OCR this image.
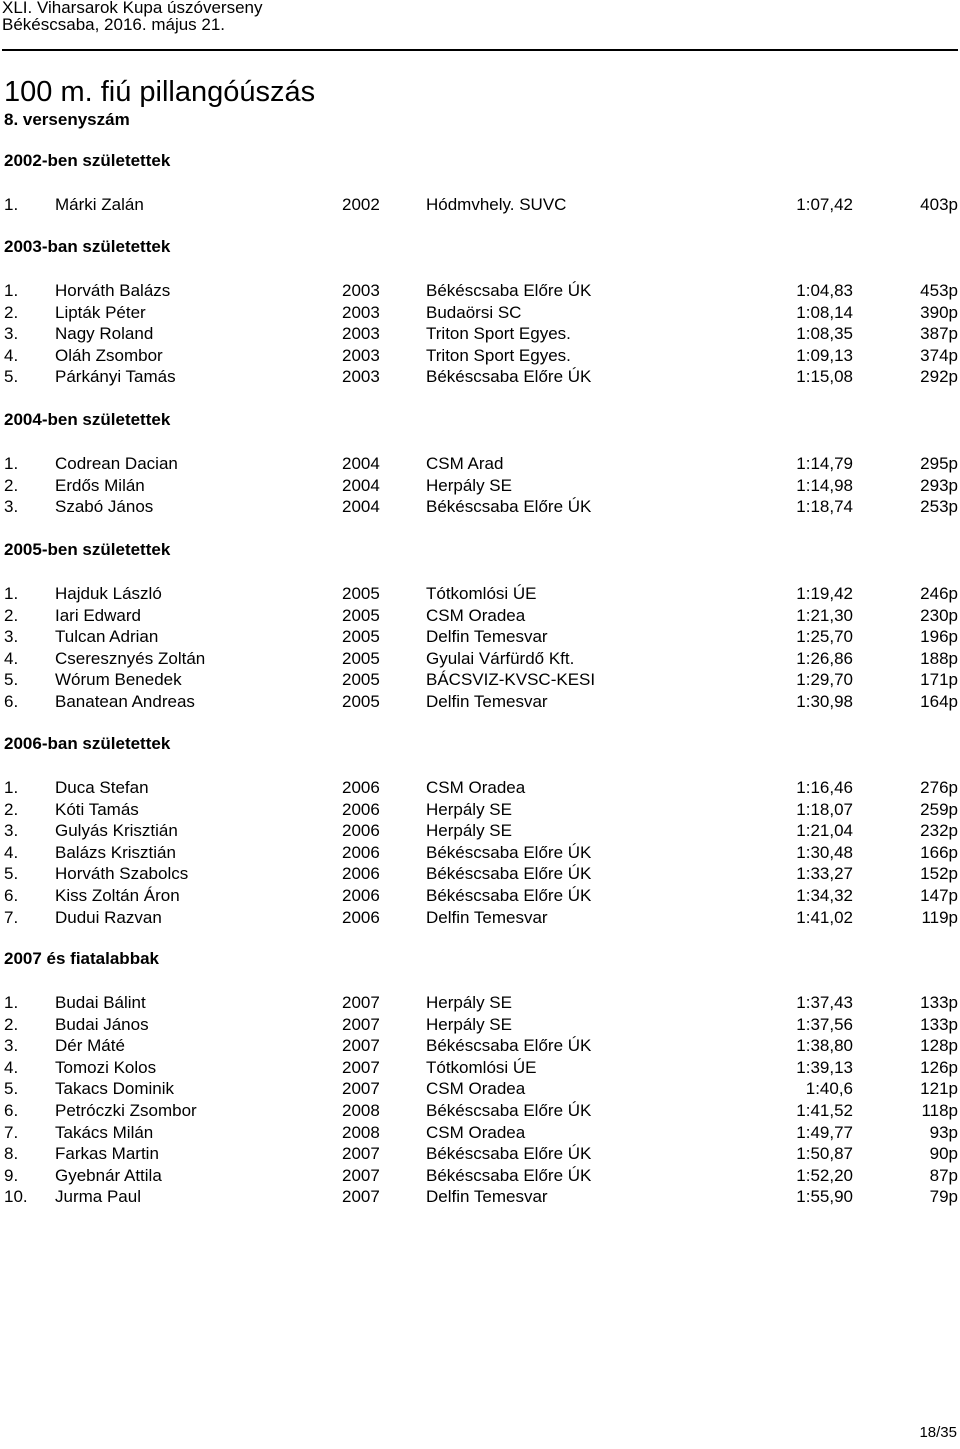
XLI. Viharsarok Kupa úszóverseny
Békéscsaba, 2016. május 21.
100 m. fiú pillangóúszás
8. versenyszám
2002-ben születettek
1. Márki Zalán	2002	Hódmvhely. SUVC	1:07,42	403p
2003-ban születettek
1. Horváth Balázs	2003	Békéscsaba Előre ÚK	1:04,83	453p
2. Lipták Péter	2003	Budaörsi SC	1:08,14	390p
3. Nagy Roland	2003	Triton Sport Egyes.	1:08,35	387p
4. Oláh Zsombor	2003	Triton Sport Egyes.	1:09,13	374p
5. Párkányi Tamás	2003	Békéscsaba Előre ÚK	1:15,08	292p
2004-ben születettek
1. Codrean Dacian	2004	CSM Arad	1:14,79	295p
2. Erdős Milán	2004	Herpály SE	1:14,98	293p
3. Szabó János	2004	Békéscsaba Előre ÚK	1:18,74	253p
2005-ben születettek
1. Hajduk László	2005	Tótkomlósi ÚE	1:19,42	246p
2. Iari Edward	2005	CSM Oradea	1:21,30	230p
3. Tulcan Adrian	2005	Delfin Temesvar	1:25,70	196p
4. Cseresznyés Zoltán	2005	Gyulai Várfürdő Kft.	1:26,86	188p
5. Wórum Benedek	2005	BÁCSVIZ-KVSC-KESI	1:29,70	171p
6. Banatean Andreas	2005	Delfin Temesvar	1:30,98	164p
2006-ban születettek
1. Duca Stefan	2006	CSM Oradea	1:16,46	276p
2. Kóti Tamás	2006	Herpály SE	1:18,07	259p
3. Gulyás Krisztián	2006	Herpály SE	1:21,04	232p
4. Balázs Krisztián	2006	Békéscsaba Előre ÚK	1:30,48	166p
5. Horváth Szabolcs	2006	Békéscsaba Előre ÚK	1:33,27	152p
6. Kiss Zoltán Áron	2006	Békéscsaba Előre ÚK	1:34,32	147p
7. Dudui Razvan	2006	Delfin Temesvar	1:41,02	119p
2007 és fiatalabbak
1. Budai Bálint	2007	Herpály SE	1:37,43	133p
2. Budai János	2007	Herpály SE	1:37,56	133p
3. Dér Máté	2007	Békéscsaba Előre ÚK	1:38,80	128p
4. Tomozi Kolos	2007	Tótkomlósi ÚE	1:39,13	126p
5. Takacs Dominik	2007	CSM Oradea	1:40,6	121p
6. Petróczki Zsombor	2008	Békéscsaba Előre ÚK	1:41,52	118p
7. Takács Milán	2008	CSM Oradea	1:49,77	93p
8. Farkas Martin	2007	Békéscsaba Előre ÚK	1:50,87	90p
9. Gyebnár Attila	2007	Békéscsaba Előre ÚK	1:52,20	87p
10. Jurma Paul	2007	Delfin Temesvar	1:55,90	79p
18/35
